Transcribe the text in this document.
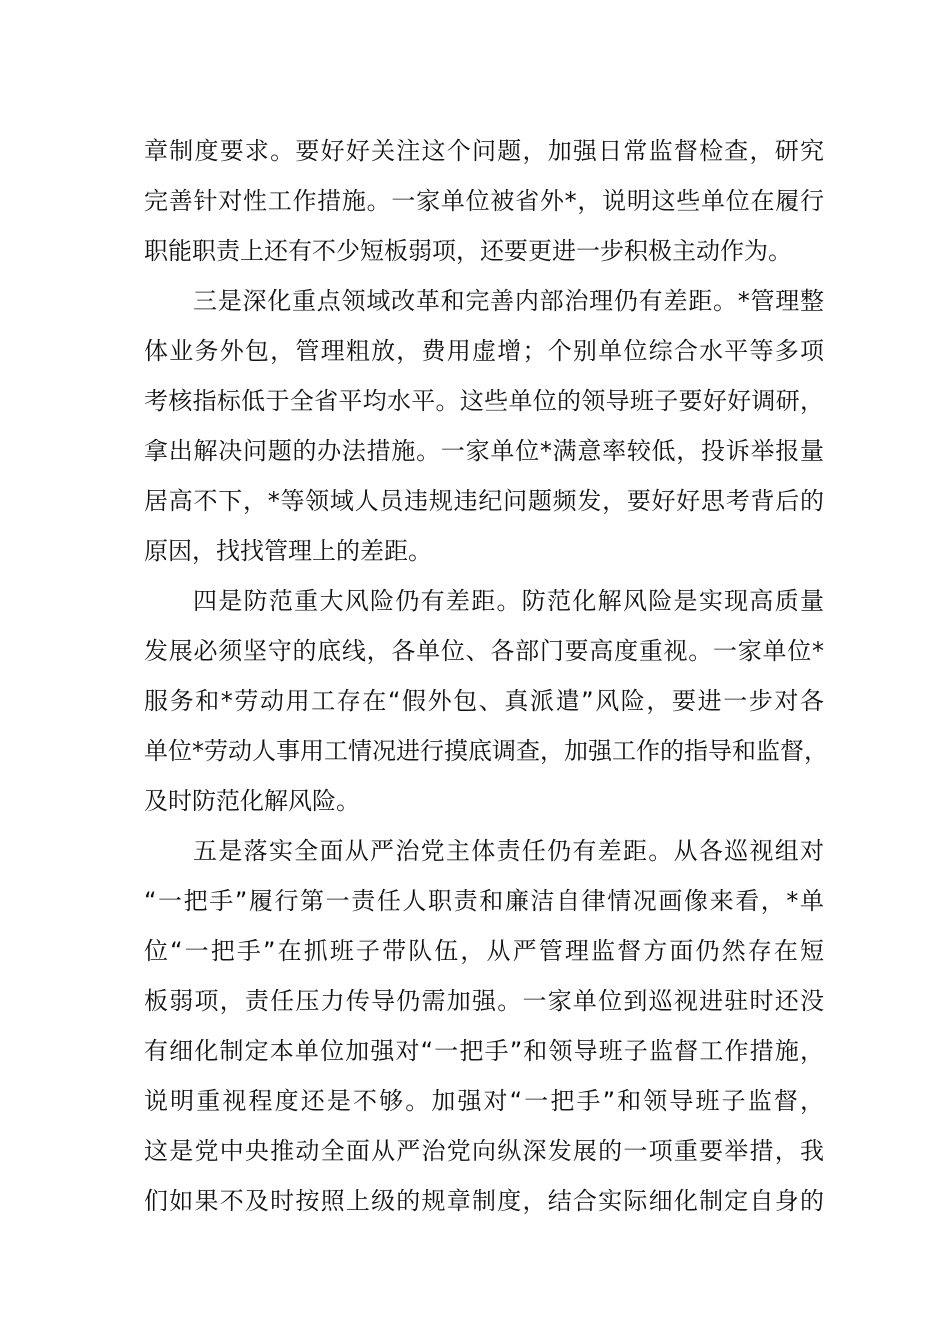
章制度要求。要好好关注这个问题，加强日常监督检查，研究
完善针对性工作措施。一家单位被省外*，说明这些单位在履行
职能职责上还有不少短板弱项，还要更进一步积极主动作为。
三是深化重点领域改革和完善内部治理仍有差距。*管理整
体业务外包，管理粗放，费用虚增；个别单位综合水平等多项
考核指标低于全省平均水平。这些单位的领导班子要好好调研，
拿出解决问题的办法措施。一家单位*满意率较低，投诉举报量
居高不下，*等领域人员违规违纪问题频发，要好好思考背后的
原因，找找管理上的差距。
四是防范重大风险仍有差距。防范化解风险是实现高质量
发展必须坚守的底线，各单位、各部门要高度重视。一家单位*
服务和*劳动用工存在“假外包、真派遣”风险，要进一步对各
单位*劳动人事用工情况进行摸底调查，加强工作的指导和监督，
及时防范化解风险。
五是落实全面从严治党主体责任仍有差距。从各巡视组对
“一把手”履行第一责任人职责和廉洁自律情况画像来看，*单
位“一把手”在抓班子带队伍，从严管理监督方面仍然存在短
板弱项，责任压力传导仍需加强。一家单位到巡视进驻时还没
有细化制定本单位加强对“一把手”和领导班子监督工作措施，
说明重视程度还是不够。加强对“一把手”和领导班子监督，
这是党中央推动全面从严治党向纵深发展的一项重要举措，我
们如果不及时按照上级的规章制度，结合实际细化制定自身的
